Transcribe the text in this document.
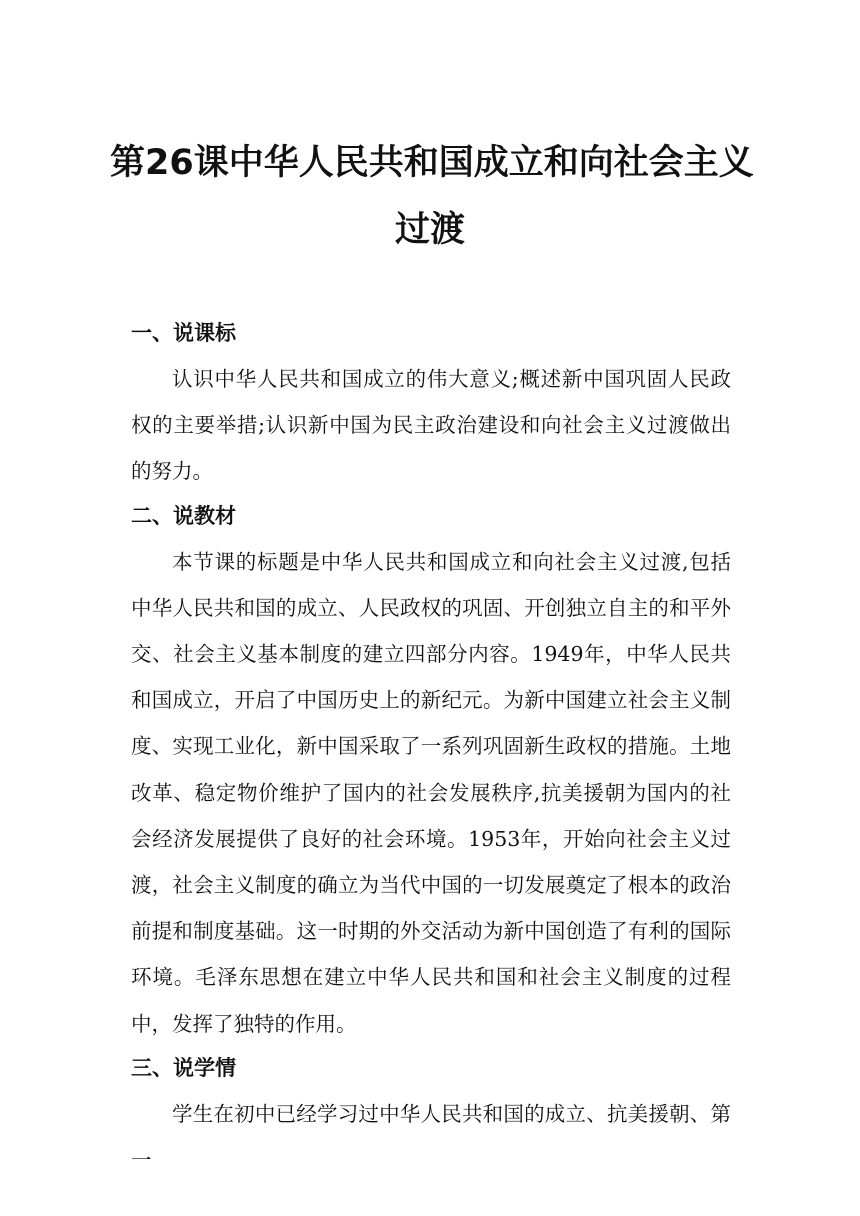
第26课中华人民共和国成立和向社会主义
过渡
一、说课标

认识中华人民共和国成立的伟大意义;概述新中国巩固人民政权的主要举措;认识新中国为民主政治建设和向社会主义过渡做出的努力。

二、说教材

本节课的标题是中华人民共和国成立和向社会主义过渡,包括中华人民共和国的成立、人民政权的巩固、开创独立自主的和平外交、社会主义基本制度的建立四部分内容。1949年，中华人民共和国成立，开启了中国历史上的新纪元。为新中国建立社会主义制度、实现工业化，新中国采取了一系列巩固新生政权的措施。土地改革、稳定物价维护了国内的社会发展秩序,抗美援朝为国内的社会经济发展提供了良好的社会环境。1953年，开始向社会主义过渡，社会主义制度的确立为当代中国的一切发展奠定了根本的政治前提和制度基础。这一时期的外交活动为新中国创造了有利的国际环境。毛泽东思想在建立中华人民共和国和社会主义制度的过程中，发挥了独特的作用。

三、说学情

学生在初中已经学习过中华人民共和国的成立、抗美援朝、第一
